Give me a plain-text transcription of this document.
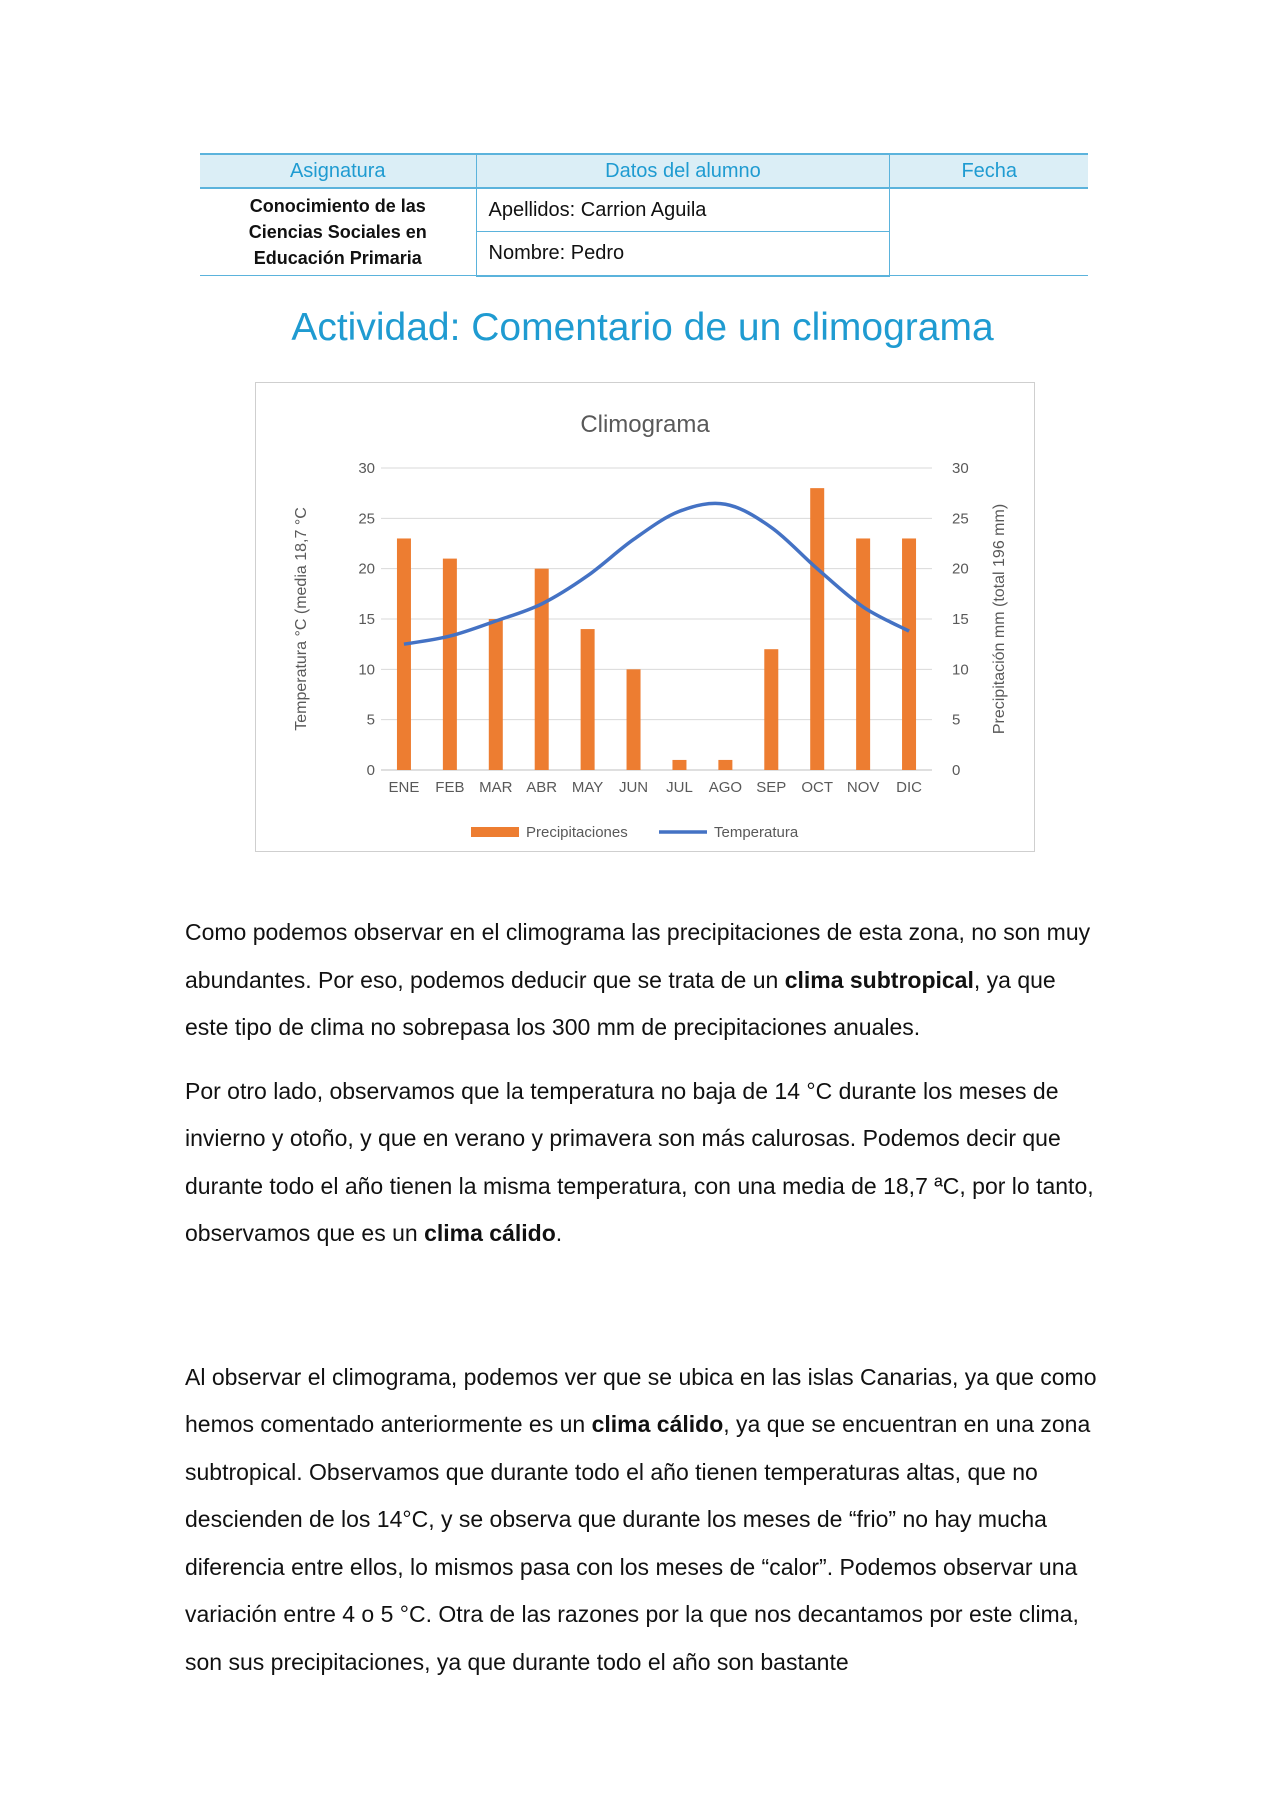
Asignatura	Datos del alumno	Fecha

Conocimiento de las
Ciencias Sociales en
Educación Primaria	Apellidos: Carrion Aguila	
	Nombre: Pedro	
Actividad: Comentario de un climograma
Climograma
0	0
5	5
10	10
15	15
20	20
25	25
30	30
Temperatura °C (media 18,7 °C	Precipitación mm (total 196 mm)
ENE FEB MAR ABR MAY JUN JUL AGO SEP OCT NOV DIC
Precipitaciones	Temperatura

Como podemos observar en el climograma las precipitaciones de esta zona, no son muy abundantes. Por eso, podemos deducir que se trata de un clima subtropical, ya que este tipo de clima no sobrepasa los 300 mm de precipitaciones anuales.

Por otro lado, observamos que la temperatura no baja de 14 °C durante los meses de invierno y otoño, y que en verano y primavera son más calurosas. Podemos decir que durante todo el año tienen la misma temperatura, con una media de 18,7 ªC, por lo tanto, observamos que es un clima cálido.

Al observar el climograma, podemos ver que se ubica en las islas Canarias, ya que como hemos comentado anteriormente es un clima cálido, ya que se encuentran en una zona subtropical. Observamos que durante todo el año tienen temperaturas altas, que no descienden de los 14°C, y se observa que durante los meses de “frio” no hay mucha diferencia entre ellos, lo mismos pasa con los meses de “calor”. Podemos observar una variación entre 4 o 5 °C. Otra de las razones por la que nos decantamos por este clima, son sus precipitaciones, ya que durante todo el año son bastante
